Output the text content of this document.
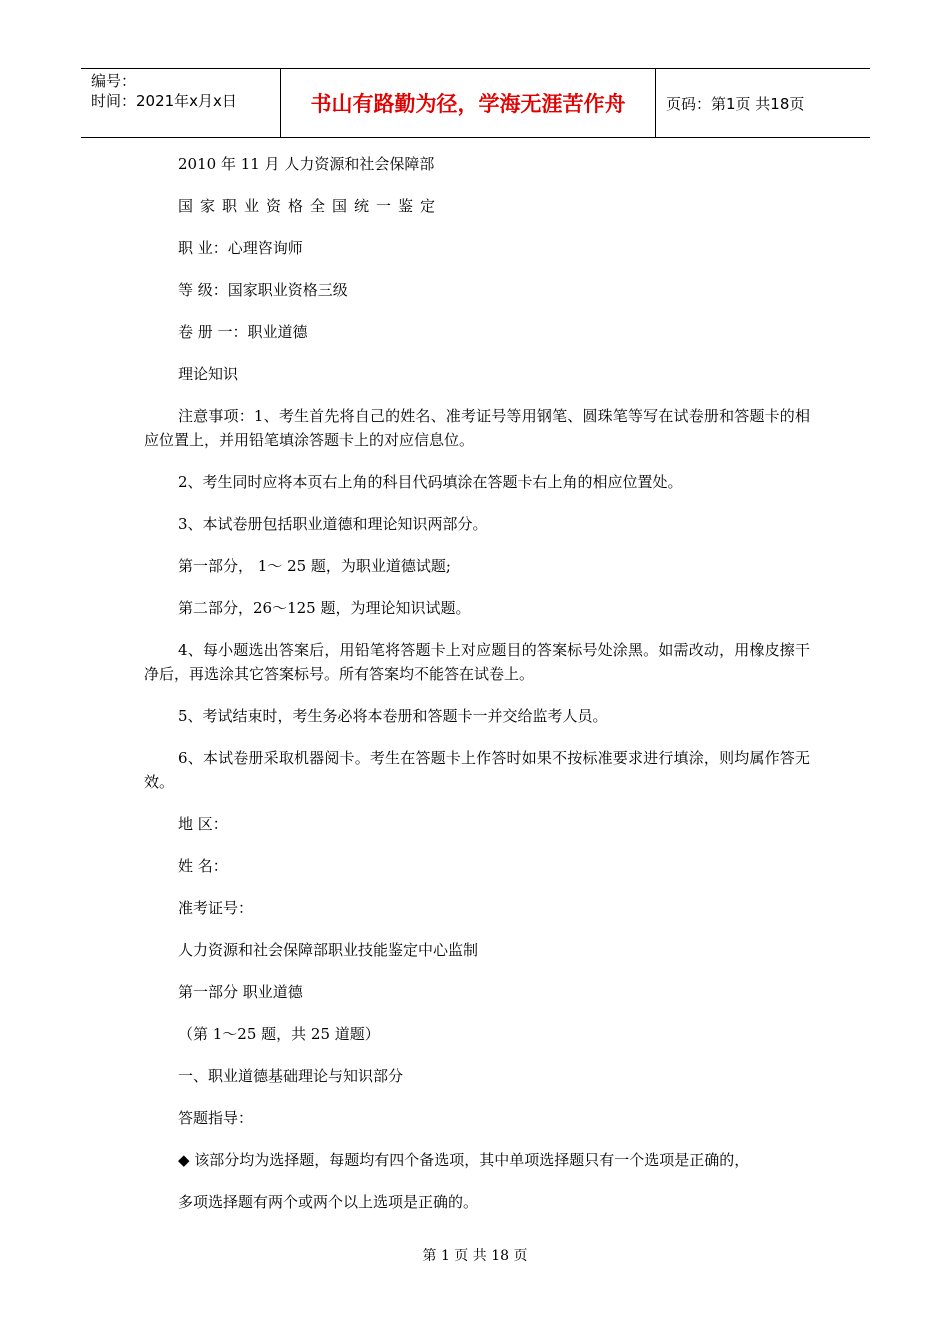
编号：
时间：2021年x月x日	书山有路勤为径，学海无涯苦作舟	页码：第1页 共18页

2010 年 11 月 人力资源和社会保障部

国家职业资格全国统一鉴定

职 业：心理咨询师

等 级：国家职业资格三级

卷 册 一：职业道德

理论知识

注意事项：1、考生首先将自己的姓名、准考证号等用钢笔、圆珠笔等写在试卷册和答题卡的相应位置上，并用铅笔填涂答题卡上的对应信息位。

2、考生同时应将本页右上角的科目代码填涂在答题卡右上角的相应位置处。

3、本试卷册包括职业道德和理论知识两部分。

第一部分， 1～ 25 题，为职业道德试题;

第二部分，26～125 题，为理论知识试题。

4、每小题选出答案后，用铅笔将答题卡上对应题目的答案标号处涂黑。如需改动，用橡皮擦干净后，再选涂其它答案标号。所有答案均不能答在试卷上。

5、考试结束时，考生务必将本卷册和答题卡一并交给监考人员。

6、本试卷册采取机器阅卡。考生在答题卡上作答时如果不按标准要求进行填涂，则均属作答无效。

地 区：

姓 名：

准考证号：

人力资源和社会保障部职业技能鉴定中心监制

第一部分 职业道德

（第 1～25 题，共 25 道题）

一、职业道德基础理论与知识部分

答题指导：

◆ 该部分均为选择题，每题均有四个备选项，其中单项选择题只有一个选项是正确的，

多项选择题有两个或两个以上选项是正确的。

第 1 页 共 18 页
